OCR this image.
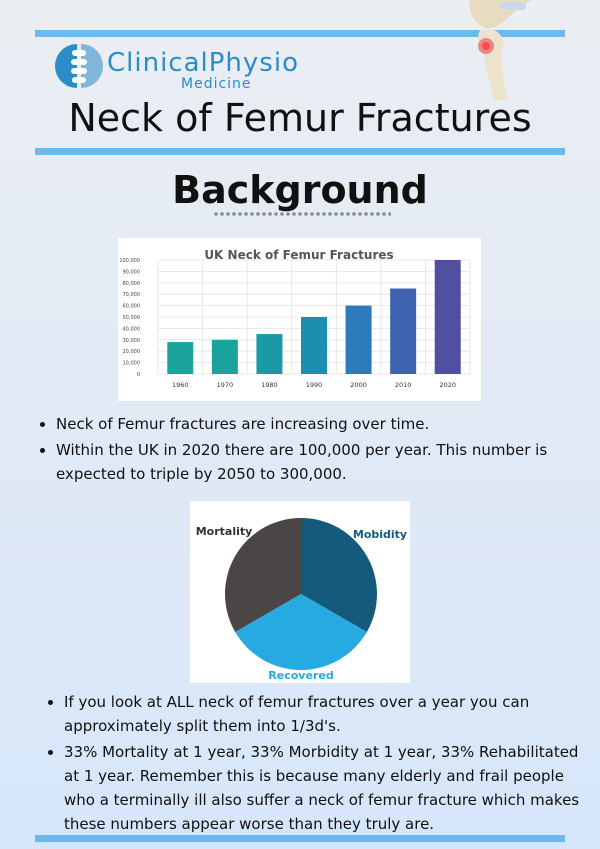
ClinicalPhysio
Medicine
Neck of Femur Fractures
Background
UK Neck of Femur Fractures
0
10,000
20,000
30,000
40,000
50,000
60,000
70,000
80,000
90,000
100,000
1960	1970	1980	1990	2000	2010	2020
• Neck of Femur fractures are increasing over time.
• Within the UK in 2020 there are 100,000 per year. This number is expected to triple by 2050 to 300,000.
Mobidity
Recovered
Mortality
• If you look at ALL neck of femur fractures over a year you can approximately split them into 1/3d's.
• 33% Mortality at 1 year, 33% Morbidity at 1 year, 33% Rehabilitated at 1 year. Remember this is because many elderly and frail people who a terminally ill also suffer a neck of femur fracture which makes these numbers appear worse than they truly are.
